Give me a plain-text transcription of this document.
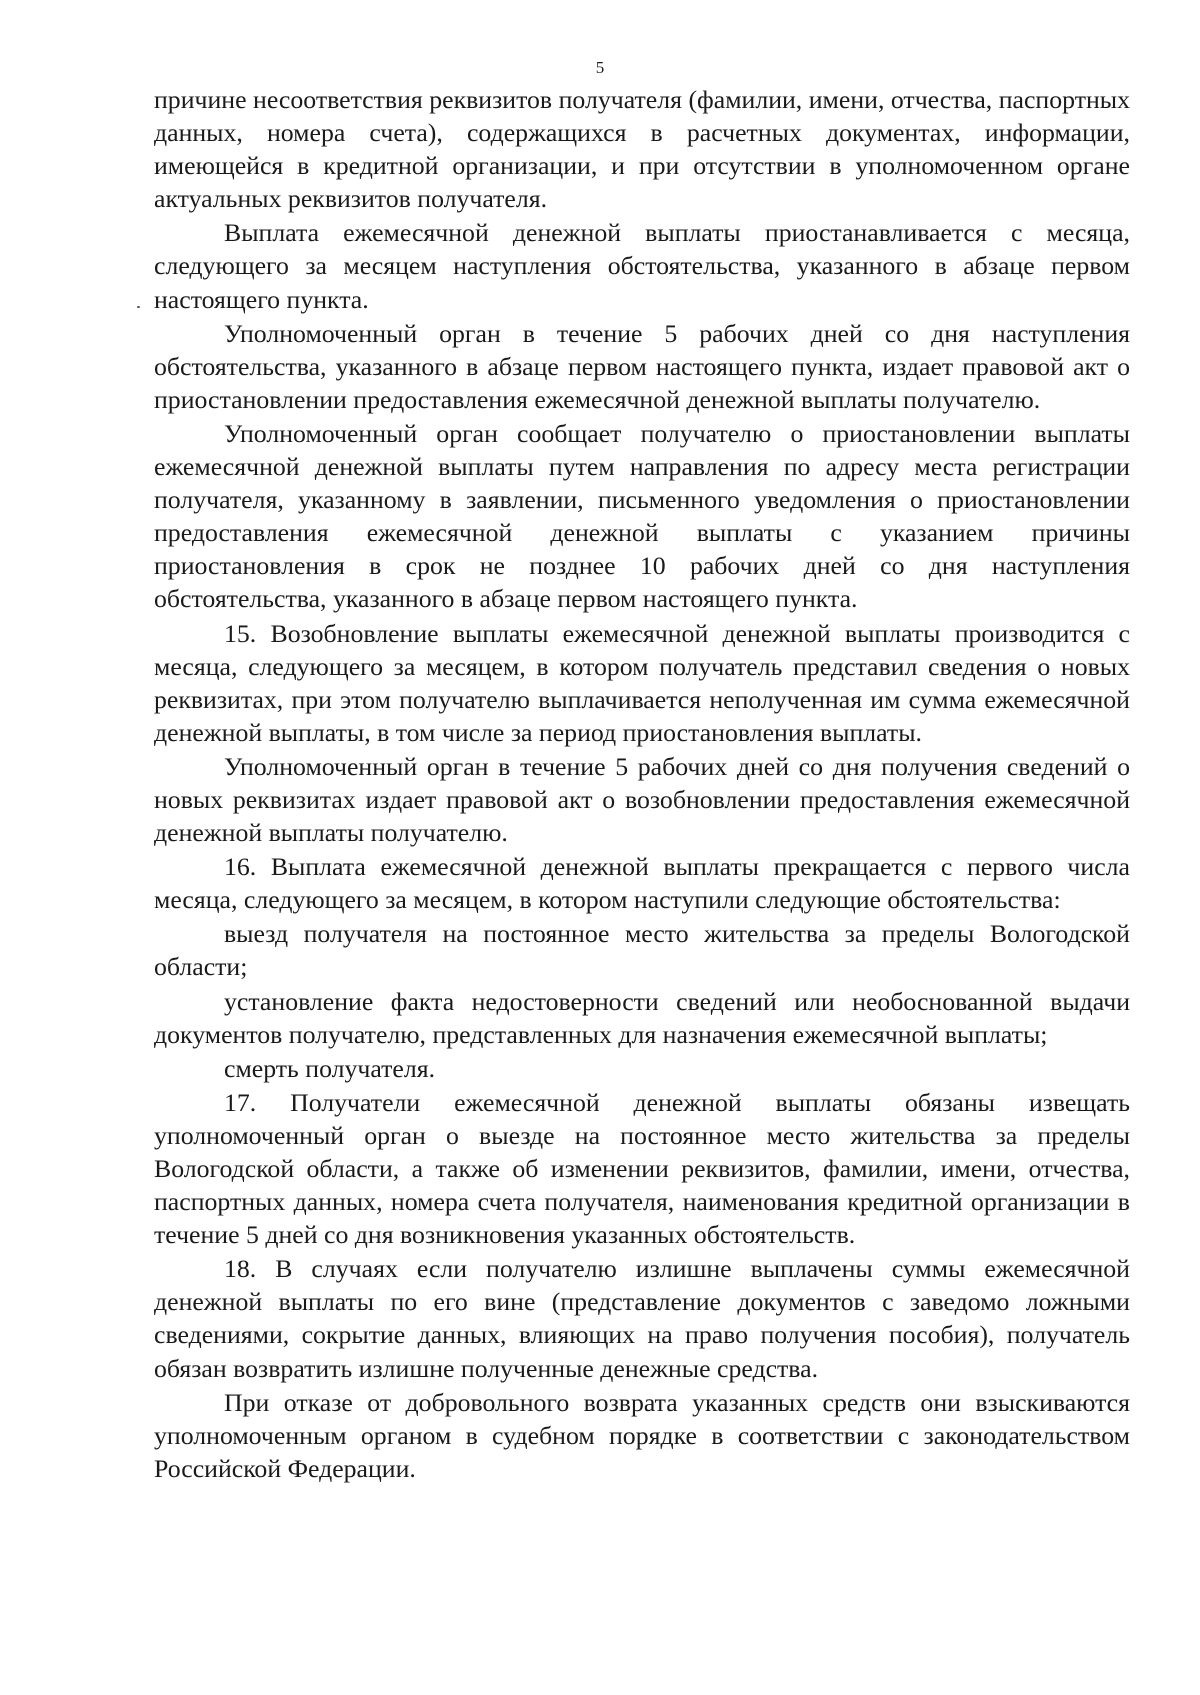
5

причине несоответствия реквизитов получателя (фамилии, имени, отчества, паспортных данных, номера счета), содержащихся в расчетных документах, информации, имеющейся в кредитной организации, и при отсутствии в уполномоченном органе актуальных реквизитов получателя.

Выплата ежемесячной денежной выплаты приостанавливается с месяца, следующего за месяцем наступления обстоятельства, указанного в абзаце первом настоящего пункта.

Уполномоченный орган в течение 5 рабочих дней со дня наступления обстоятельства, указанного в абзаце первом настоящего пункта, издает правовой акт о приостановлении предоставления ежемесячной денежной выплаты получателю.

Уполномоченный орган сообщает получателю о приостановлении выплаты ежемесячной денежной выплаты путем направления по адресу места регистрации получателя, указанному в заявлении, письменного уведомления о приостановлении предоставления ежемесячной денежной выплаты с указанием причины приостановления в срок не позднее 10 рабочих дней со дня наступления обстоятельства, указанного в абзаце первом настоящего пункта.

15. Возобновление выплаты ежемесячной денежной выплаты производится с месяца, следующего за месяцем, в котором получатель представил сведения о новых реквизитах, при этом получателю выплачивается неполученная им сумма ежемесячной денежной выплаты, в том числе за период приостановления выплаты.

Уполномоченный орган в течение 5 рабочих дней со дня получения сведений о новых реквизитах издает правовой акт о возобновлении предоставления ежемесячной денежной выплаты получателю.

16. Выплата ежемесячной денежной выплаты прекращается с первого числа месяца, следующего за месяцем, в котором наступили следующие обстоятельства:

выезд получателя на постоянное место жительства за пределы Вологодской области;

установление факта недостоверности сведений или необоснованной выдачи документов получателю, представленных для назначения ежемесячной выплаты;

смерть получателя.

17. Получатели ежемесячной денежной выплаты обязаны извещать уполномоченный орган о выезде на постоянное место жительства за пределы Вологодской области, а также об изменении реквизитов, фамилии, имени, отчества, паспортных данных, номера счета получателя, наименования кредитной организации в течение 5 дней со дня возникновения указанных обстоятельств.

18. В случаях если получателю излишне выплачены суммы ежемесячной денежной выплаты по его вине (представление документов с заведомо ложными сведениями, сокрытие данных, влияющих на право получения пособия), получатель обязан возвратить излишне полученные денежные средства.

При отказе от добровольного возврата указанных средств они взыскиваются уполномоченным органом в судебном порядке в соответствии с законодательством Российской Федерации.
